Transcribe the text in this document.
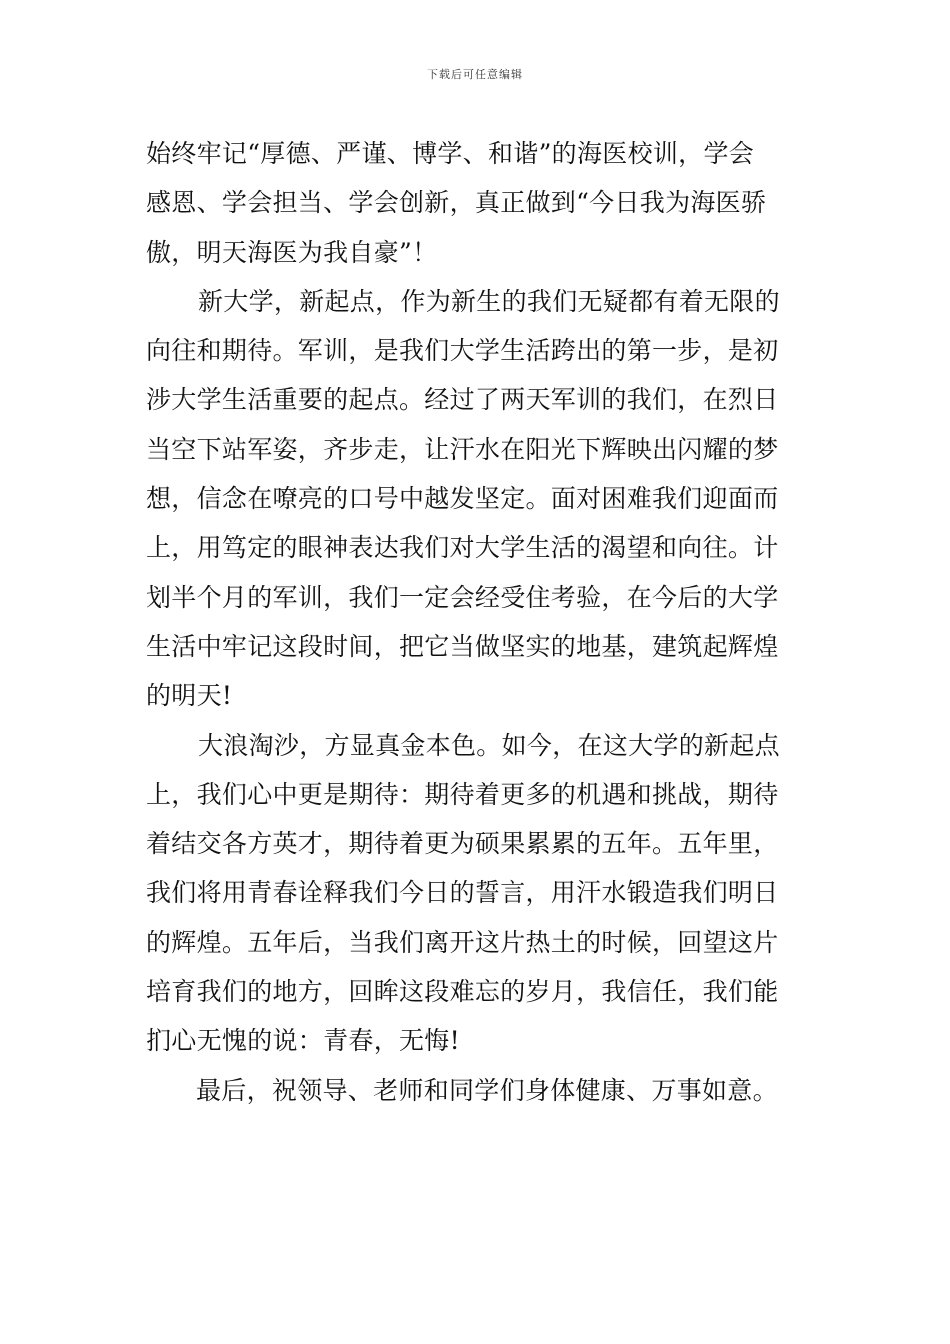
下载后可任意编辑
始终牢记“厚德、严谨、博学、和谐”的海医校训，学会
感恩、学会担当、学会创新，真正做到“今日我为海医骄
傲，明天海医为我自豪”！
新大学，新起点，作为新生的我们无疑都有着无限的
向往和期待。军训，是我们大学生活跨出的第一步，是初
涉大学生活重要的起点。经过了两天军训的我们，在烈日
当空下站军姿，齐步走，让汗水在阳光下辉映出闪耀的梦
想，信念在嘹亮的口号中越发坚定。面对困难我们迎面而
上，用笃定的眼神表达我们对大学生活的渴望和向往。计
划半个月的军训，我们一定会经受住考验，在今后的大学
生活中牢记这段时间，把它当做坚实的地基，建筑起辉煌
的明天!
大浪淘沙，方显真金本色。如今，在这大学的新起点
上，我们心中更是期待：期待着更多的机遇和挑战，期待
着结交各方英才，期待着更为硕果累累的五年。五年里，
我们将用青春诠释我们今日的誓言，用汗水锻造我们明日
的辉煌。五年后，当我们离开这片热土的时候，回望这片
培育我们的地方，回眸这段难忘的岁月，我信任，我们能
扪心无愧的说：青春，无悔!
最后，祝领导、老师和同学们身体健康、万事如意。
